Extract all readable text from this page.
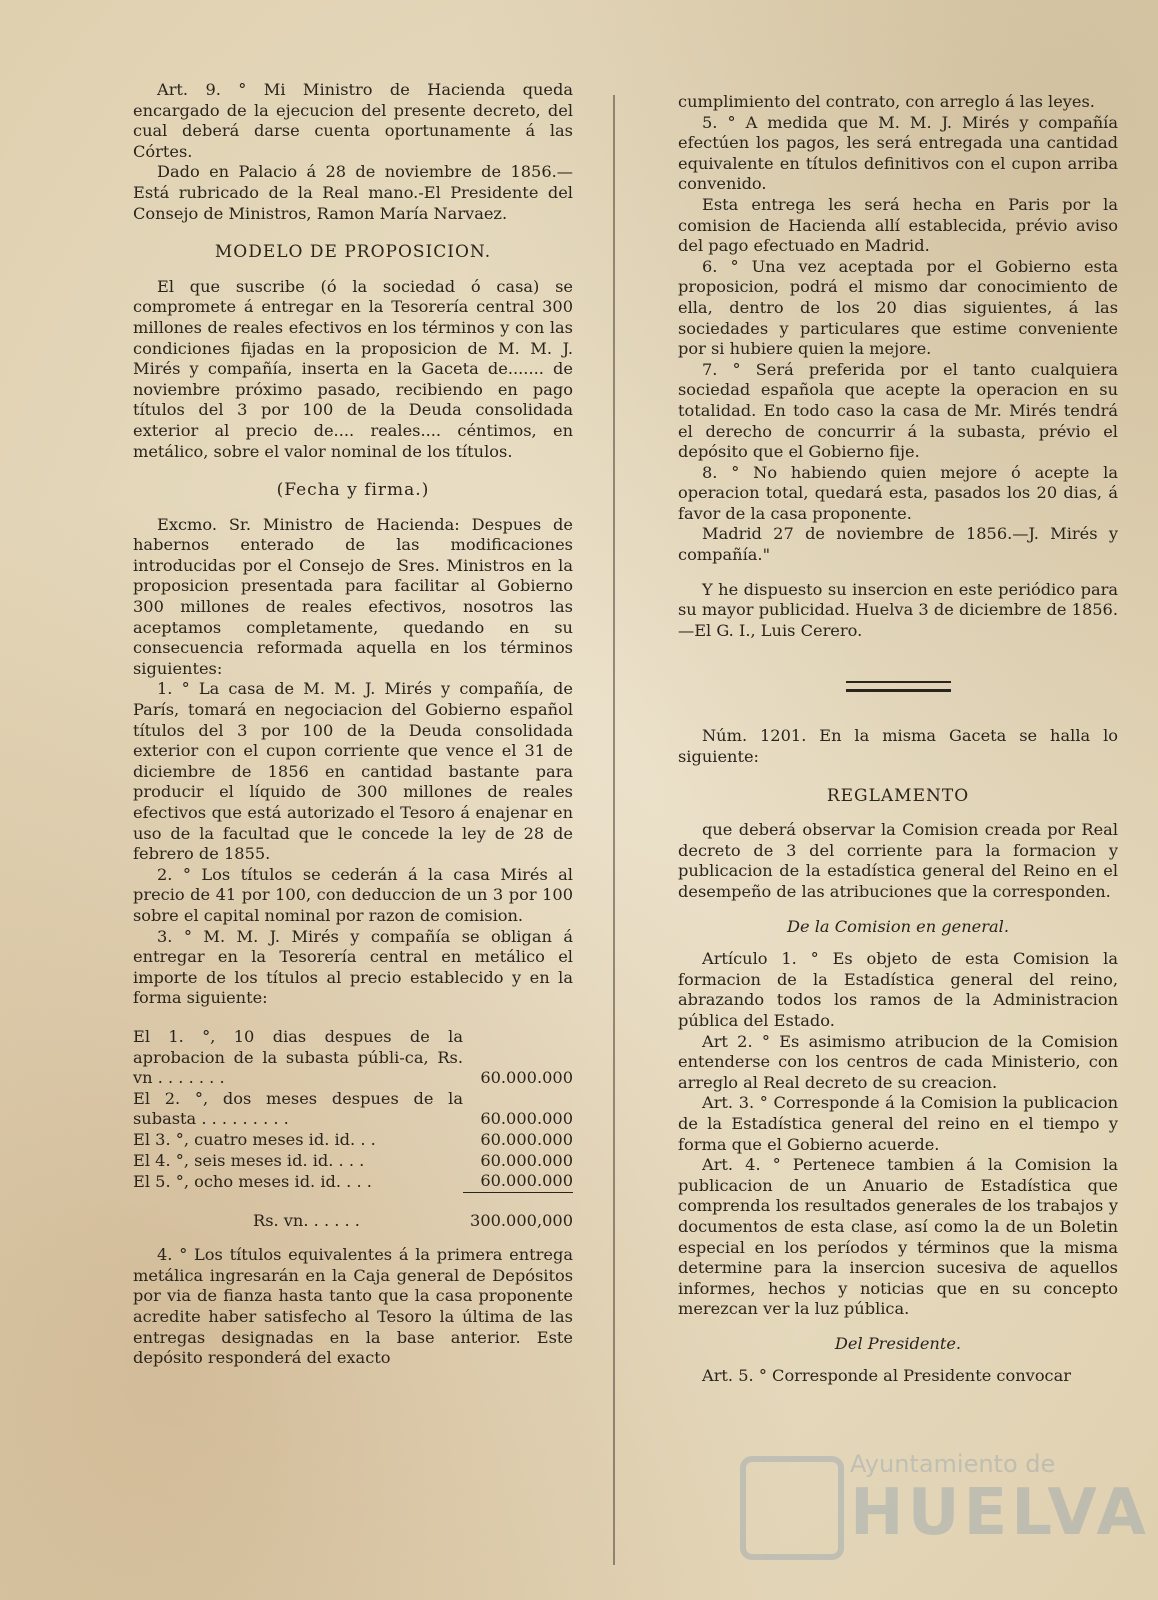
Art. 9. ° Mi Ministro de Hacienda queda encargado de la ejecucion del presente decreto, del cual deberá darse cuenta oportunamente á las Córtes.

Dado en Palacio á 28 de noviembre de 1856.— Está rubricado de la Real mano.-El Presidente del Consejo de Ministros, Ramon María Narvaez.

MODELO DE PROPOSICION.

El que suscribe (ó la sociedad ó casa) se compromete á entregar en la Tesorería central 300 millones de reales efectivos en los términos y con las condiciones fijadas en la proposicion de M. M. J. Mirés y compañía, inserta en la Gaceta de....... de noviembre próximo pasado, recibiendo en pago títulos del 3 por 100 de la Deuda consolidada exterior al precio de.... reales.... céntimos, en metálico, sobre el valor nominal de los títulos.

(Fecha y firma.)

Excmo. Sr. Ministro de Hacienda: Despues de habernos enterado de las modificaciones introducidas por el Consejo de Sres. Ministros en la proposicion presentada para facilitar al Gobierno 300 millones de reales efectivos, nosotros las aceptamos completamente, quedando en su consecuencia reformada aquella en los términos siguientes:

1. ° La casa de M. M. J. Mirés y compañía, de París, tomará en negociacion del Gobierno español títulos del 3 por 100 de la Deuda consolidada exterior con el cupon corriente que vence el 31 de diciembre de 1856 en cantidad bastante para producir el líquido de 300 millones de reales efectivos que está autorizado el Tesoro á enajenar en uso de la facultad que le concede la ley de 28 de febrero de 1855.

2. ° Los títulos se cederán á la casa Mirés al precio de 41 por 100, con deduccion de un 3 por 100 sobre el capital nominal por razon de comision.

3. ° M. M. J. Mirés y compañía se obligan á entregar en la Tesorería central en metálico el importe de los títulos al precio establecido y en la forma siguiente:

El 1. °, 10 dias despues de la aprobacion de la subasta públi-ca, Rs. vn . . . . . . .	60.000.000
El 2. °, dos meses despues de la subasta . . . . . . . . .	60.000.000
El 3. °, cuatro meses id. id. . .	60.000.000
El 4. °, seis meses id. id. . . .	60.000.000
El 5. °, ocho meses id. id. . . .	60.000.000
Rs. vn. . . . . .	300.000,000

4. ° Los títulos equivalentes á la primera entrega metálica ingresarán en la Caja general de Depósitos por via de fianza hasta tanto que la casa proponente acredite haber satisfecho al Tesoro la última de las entregas designadas en la base anterior. Este depósito responderá del exacto

cumplimiento del contrato, con arreglo á las leyes.

5. ° A medida que M. M. J. Mirés y compañía efectúen los pagos, les será entregada una cantidad equivalente en títulos definitivos con el cupon arriba convenido.

Esta entrega les será hecha en Paris por la comision de Hacienda allí establecida, prévio aviso del pago efectuado en Madrid.

6. ° Una vez aceptada por el Gobierno esta proposicion, podrá el mismo dar conocimiento de ella, dentro de los 20 dias siguientes, á las sociedades y particulares que estime conveniente por si hubiere quien la mejore.

7. ° Será preferida por el tanto cualquiera sociedad española que acepte la operacion en su totalidad. En todo caso la casa de Mr. Mirés tendrá el derecho de concurrir á la subasta, prévio el depósito que el Gobierno fije.

8. ° No habiendo quien mejore ó acepte la operacion total, quedará esta, pasados los 20 dias, á favor de la casa proponente.

Madrid 27 de noviembre de 1856.—J. Mirés y compañía."

Y he dispuesto su insercion en este periódico para su mayor publicidad. Huelva 3 de diciembre de 1856.—El G. I., Luis Cerero.

Núm. 1201. En la misma Gaceta se halla lo siguiente:

REGLAMENTO

que deberá observar la Comision creada por Real decreto de 3 del corriente para la formacion y publicacion de la estadística general del Reino en el desempeño de las atribuciones que la corresponden.

De la Comision en general.

Artículo 1. ° Es objeto de esta Comision la formacion de la Estadística general del reino, abrazando todos los ramos de la Administracion pública del Estado.

Art 2. ° Es asimismo atribucion de la Comision entenderse con los centros de cada Ministerio, con arreglo al Real decreto de su creacion.

Art. 3. ° Corresponde á la Comision la publicacion de la Estadística general del reino en el tiempo y forma que el Gobierno acuerde.

Art. 4. ° Pertenece tambien á la Comision la publicacion de un Anuario de Estadística que comprenda los resultados generales de los trabajos y documentos de esta clase, así como la de un Boletin especial en los períodos y términos que la misma determine para la insercion sucesiva de aquellos informes, hechos y noticias que en su concepto merezcan ver la luz pública.

Del Presidente.

Art. 5. ° Corresponde al Presidente convocar

Ayuntamiento de
HUELVA
